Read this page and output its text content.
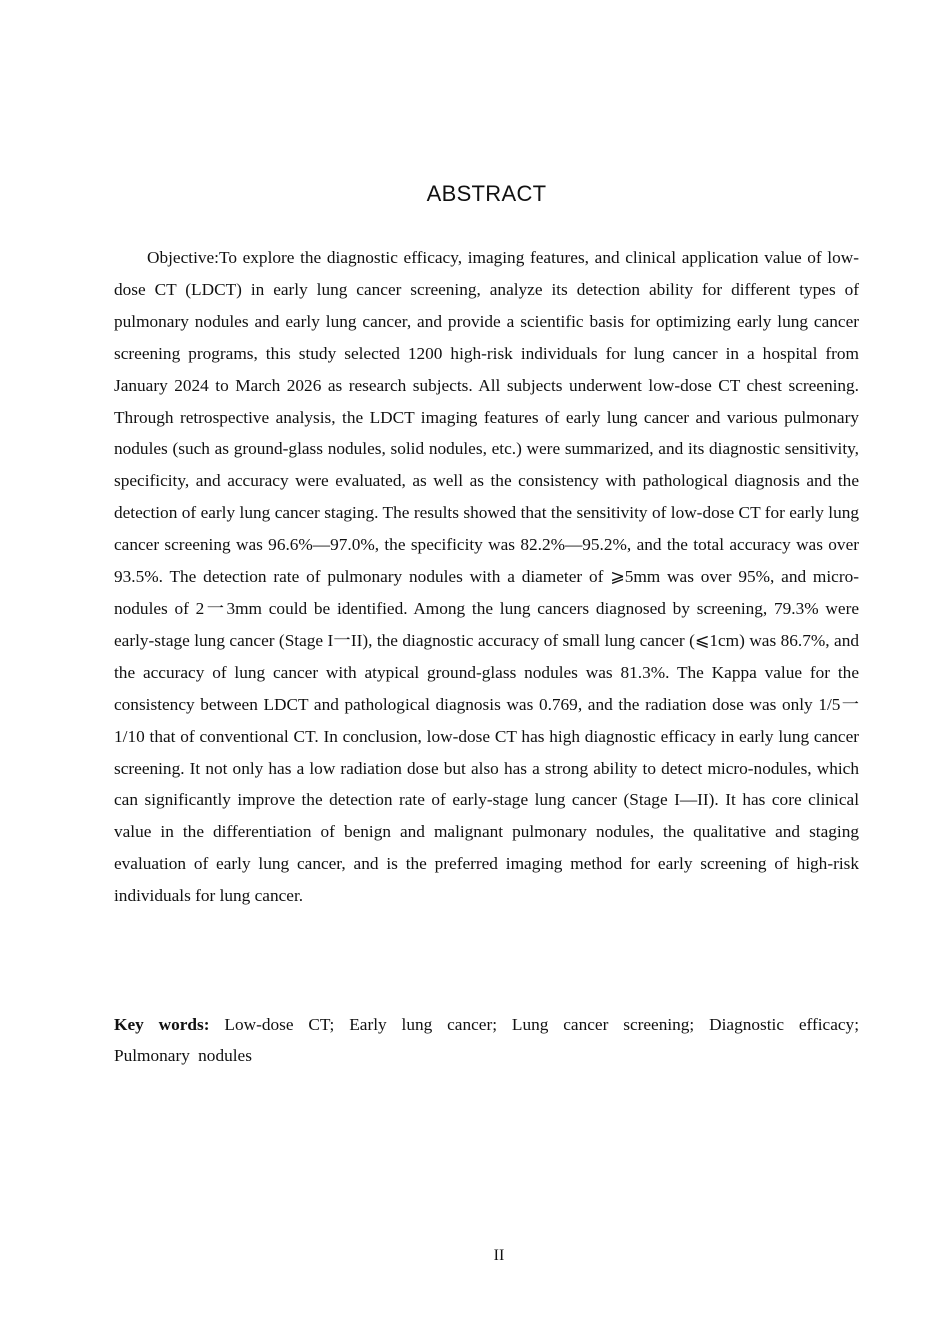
ABSTRACT

Objective:To explore the diagnostic efficacy, imaging features, and clinical application value of low-dose CT (LDCT) in early lung cancer screening, analyze its detection ability for different types of pulmonary nodules and early lung cancer, and provide a scientific basis for optimizing early lung cancer screening programs, this study selected 1200 high-risk individuals for lung cancer in a hospital from January 2024 to March 2026 as research subjects. All subjects underwent low-dose CT chest screening. Through retrospective analysis, the LDCT imaging features of early lung cancer and various pulmonary nodules (such as ground-glass nodules, solid nodules, etc.) were summarized, and its diagnostic sensitivity, specificity, and accuracy were evaluated, as well as the consistency with pathological diagnosis and the detection of early lung cancer staging. The results showed that the sensitivity of low-dose CT for early lung cancer screening was 96.6%—97.0%, the specificity was 82.2%—95.2%, and the total accuracy was over 93.5%. The detection rate of pulmonary nodules with a diameter of ⩾5mm was over 95%, and micro-nodules of 2一3mm could be identified. Among the lung cancers diagnosed by screening, 79.3% were early-stage lung cancer (Stage I一II), the diagnostic accuracy of small lung cancer (⩽1cm) was 86.7%, and the accuracy of lung cancer with atypical ground-glass nodules was 81.3%. The Kappa value for the consistency between LDCT and pathological diagnosis was 0.769, and the radiation dose was only 1/5一1/10 that of conventional CT. In conclusion, low-dose CT has high diagnostic efficacy in early lung cancer screening. It not only has a low radiation dose but also has a strong ability to detect micro-nodules, which can significantly improve the detection rate of early-stage lung cancer (Stage I—II). It has core clinical value in the differentiation of benign and malignant pulmonary nodules, the qualitative and staging evaluation of early lung cancer, and is the preferred imaging method for early screening of high-risk individuals for lung cancer.

Key words: Low-dose CT; Early lung cancer; Lung cancer screening; Diagnostic efficacy; Pulmonary nodules

II
